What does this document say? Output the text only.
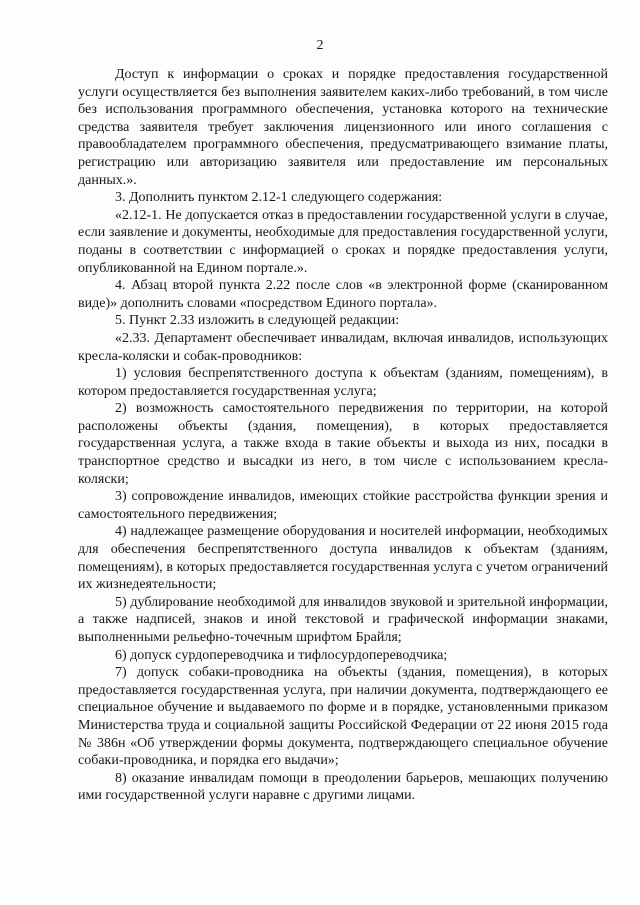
2

Доступ к информации о сроках и порядке предоставления государственной услуги осуществляется без выполнения заявителем каких-либо требований, в том числе без использования программного обеспечения, установка которого на технические средства заявителя требует заключения лицензионного или иного соглашения с правообладателем программного обеспечения, предусматривающего взимание платы, регистрацию или авторизацию заявителя или предоставление им персональных данных.».

3. Дополнить пунктом 2.12-1 следующего содержания:

«2.12-1. Не допускается отказ в предоставлении государственной услуги в случае, если заявление и документы, необходимые для предоставления государственной услуги, поданы в соответствии с информацией о сроках и порядке предоставления услуги, опубликованной на Едином портале.».

4. Абзац второй пункта 2.22 после слов «в электронной форме (сканированном виде)» дополнить словами «посредством Единого портала».

5. Пункт 2.33 изложить в следующей редакции:

«2.33. Департамент обеспечивает инвалидам, включая инвалидов, использующих кресла-коляски и собак-проводников:

1) условия беспрепятственного доступа к объектам (зданиям, помещениям), в котором предоставляется государственная услуга;

2) возможность самостоятельного передвижения по территории, на которой расположены объекты (здания, помещения), в которых предоставляется государственная услуга, а также входа в такие объекты и выхода из них, посадки в транспортное средство и высадки из него, в том числе с использованием кресла-коляски;

3) сопровождение инвалидов, имеющих стойкие расстройства функции зрения и самостоятельного передвижения;

4) надлежащее размещение оборудования и носителей информации, необходимых для обеспечения беспрепятственного доступа инвалидов к объектам (зданиям, помещениям), в которых предоставляется государственная услуга с учетом ограничений их жизнедеятельности;

5) дублирование необходимой для инвалидов звуковой и зрительной информации, а также надписей, знаков и иной текстовой и графической информации знаками, выполненными рельефно-точечным шрифтом Брайля;

6) допуск сурдопереводчика и тифлосурдопереводчика;

7) допуск собаки-проводника на объекты (здания, помещения), в которых предоставляется государственная услуга, при наличии документа, подтверждающего ее специальное обучение и выдаваемого по форме и в порядке, установленными приказом Министерства труда и социальной защиты Российской Федерации от 22 июня 2015 года № 386н «Об утверждении формы документа, подтверждающего специальное обучение собаки-проводника, и порядка его выдачи»;

8) оказание инвалидам помощи в преодолении барьеров, мешающих получению ими государственной услуги наравне с другими лицами.
